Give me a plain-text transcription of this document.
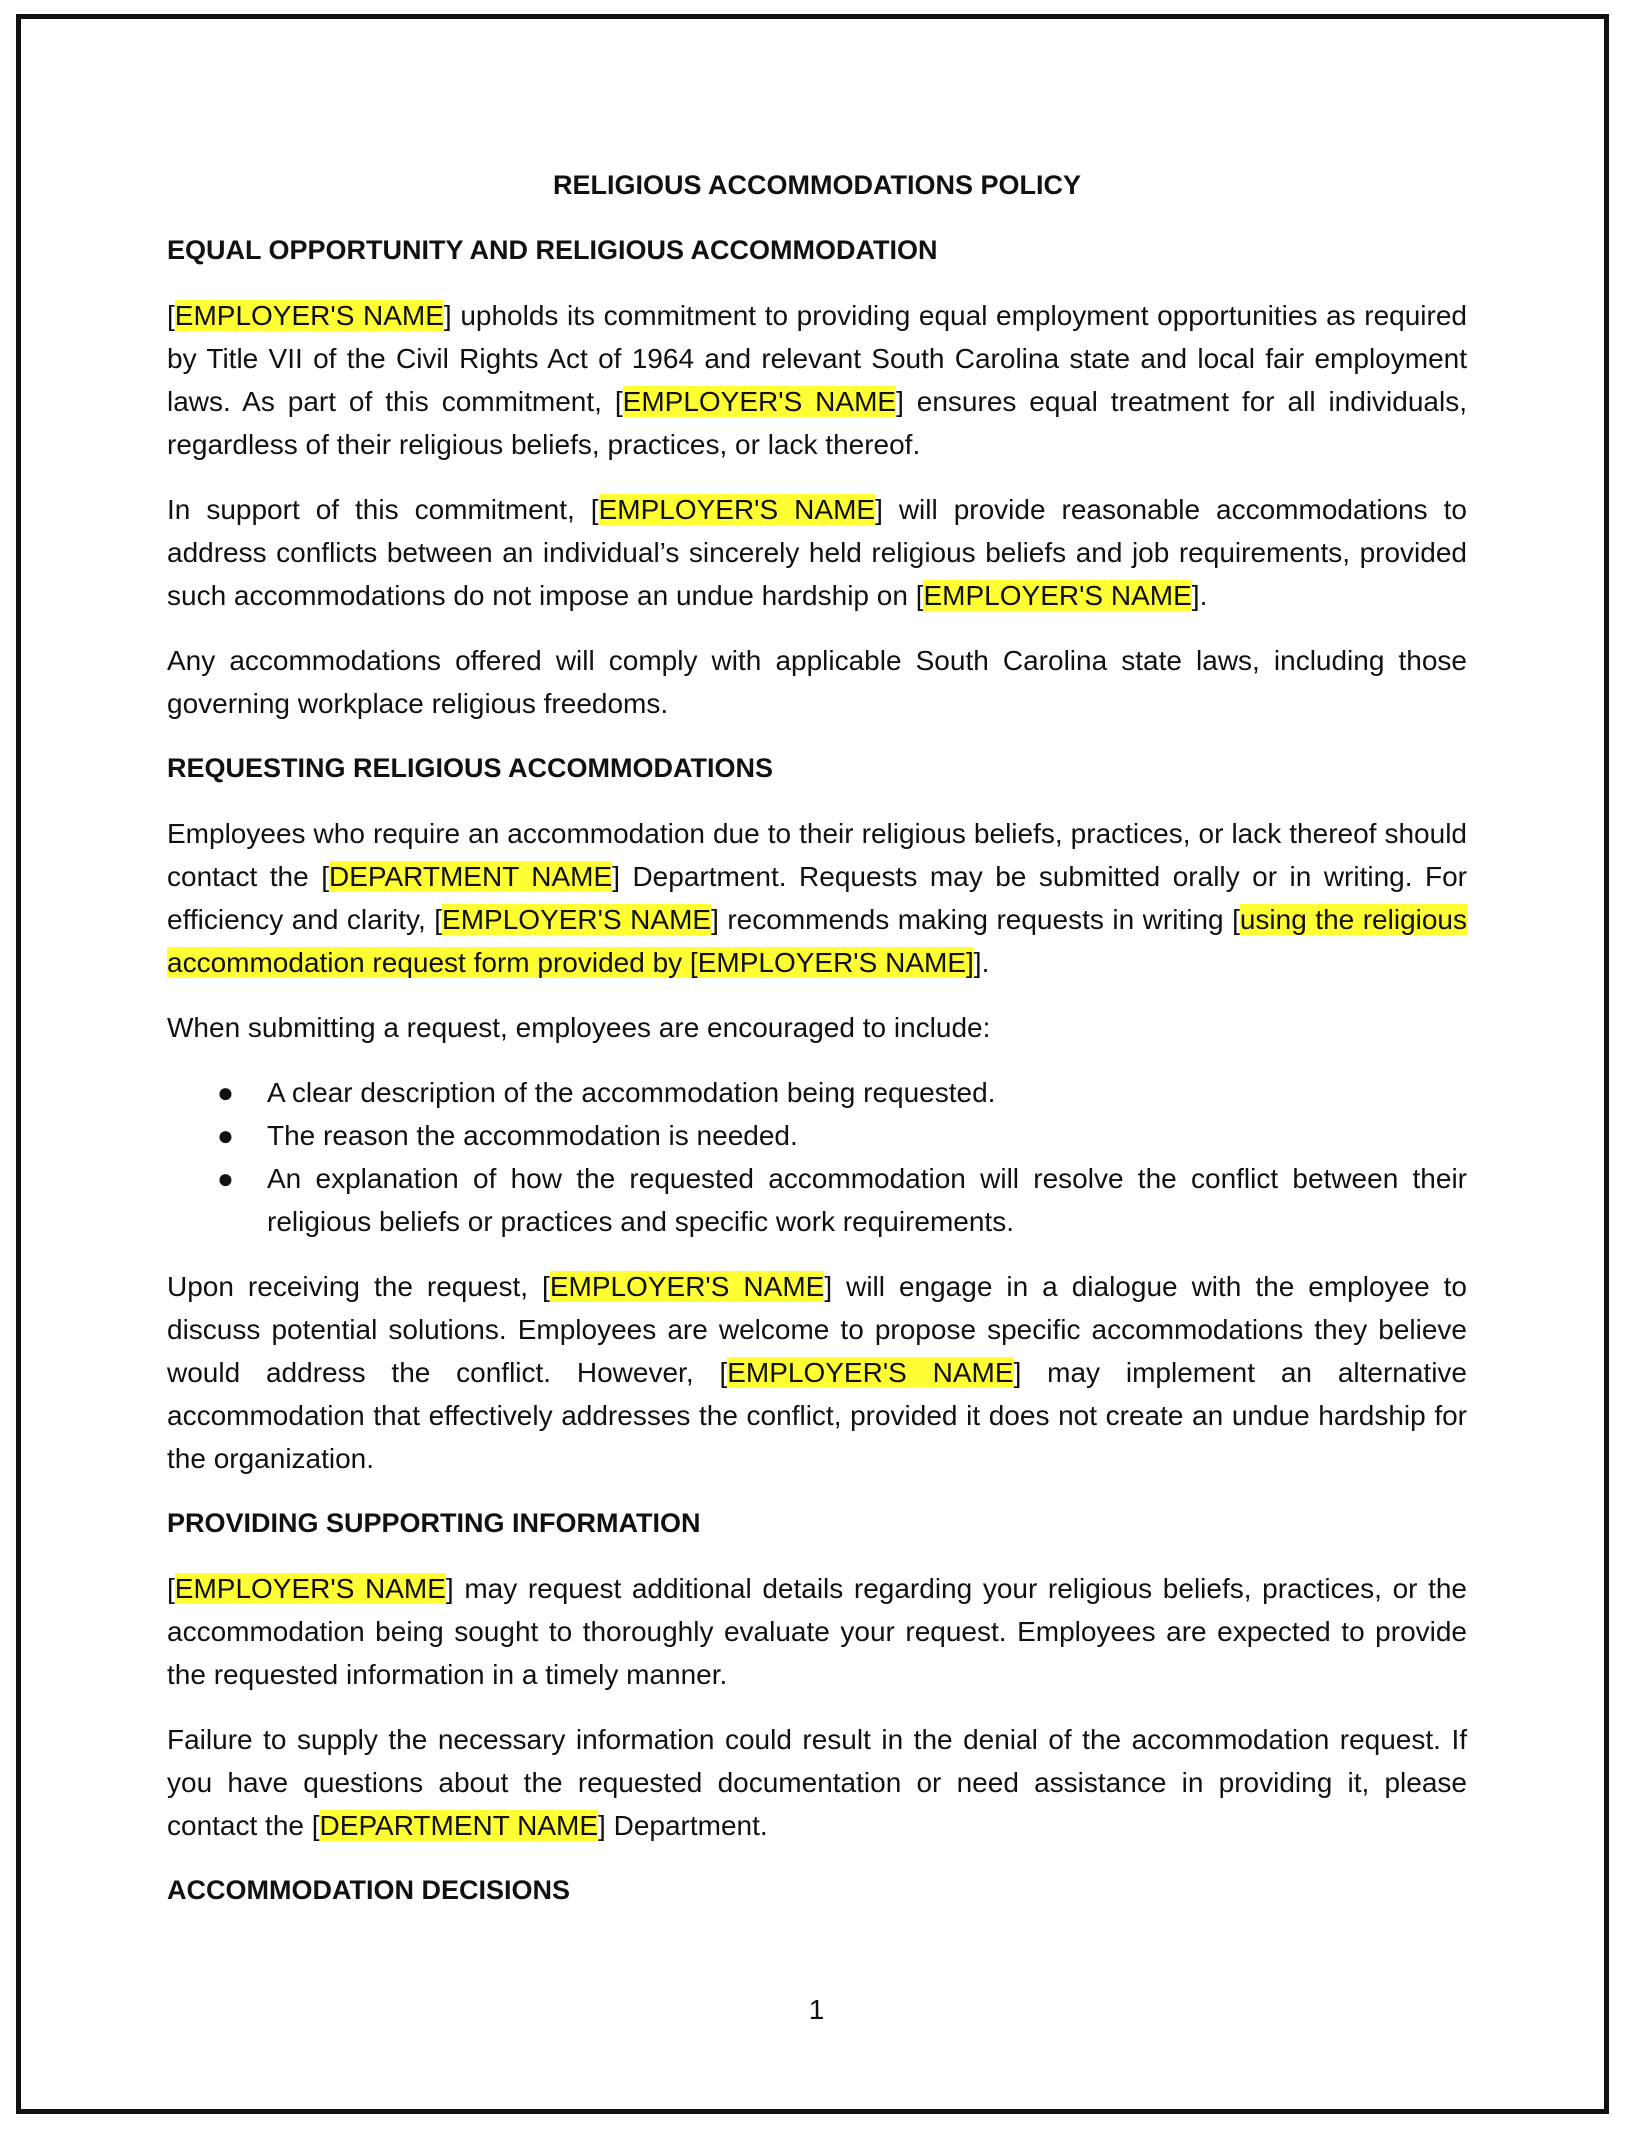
RELIGIOUS ACCOMMODATIONS POLICY
EQUAL OPPORTUNITY AND RELIGIOUS ACCOMMODATION

[EMPLOYER'S NAME] upholds its commitment to providing equal employment opportunities as required by Title VII of the Civil Rights Act of 1964 and relevant South Carolina state and local fair employment laws. As part of this commitment, [EMPLOYER'S NAME] ensures equal treatment for all individuals, regardless of their religious beliefs, practices, or lack thereof.

In support of this commitment, [EMPLOYER'S NAME] will provide reasonable accommodations to address conflicts between an individual’s sincerely held religious beliefs and job requirements, provided such accommodations do not impose an undue hardship on [EMPLOYER'S NAME].

Any accommodations offered will comply with applicable South Carolina state laws, including those governing workplace religious freedoms.

REQUESTING RELIGIOUS ACCOMMODATIONS

Employees who require an accommodation due to their religious beliefs, practices, or lack thereof should contact the [DEPARTMENT NAME] Department. Requests may be submitted orally or in writing. For efficiency and clarity, [EMPLOYER'S NAME] recommends making requests in writing [using the religious accommodation request form provided by [EMPLOYER'S NAME]].

When submitting a request, employees are encouraged to include:

● A clear description of the accommodation being requested.
● The reason the accommodation is needed.
● An explanation of how the requested accommodation will resolve the conflict between their religious beliefs or practices and specific work requirements.

Upon receiving the request, [EMPLOYER'S NAME] will engage in a dialogue with the employee to discuss potential solutions. Employees are welcome to propose specific accommodations they believe would address the conflict. However, [EMPLOYER'S NAME] may implement an alternative accommodation that effectively addresses the conflict, provided it does not create an undue hardship for the organization.

PROVIDING SUPPORTING INFORMATION

[EMPLOYER'S NAME] may request additional details regarding your religious beliefs, practices, or the accommodation being sought to thoroughly evaluate your request. Employees are expected to provide the requested information in a timely manner.

Failure to supply the necessary information could result in the denial of the accommodation request. If you have questions about the requested documentation or need assistance in providing it, please contact the [DEPARTMENT NAME] Department.

ACCOMMODATION DECISIONS
1
